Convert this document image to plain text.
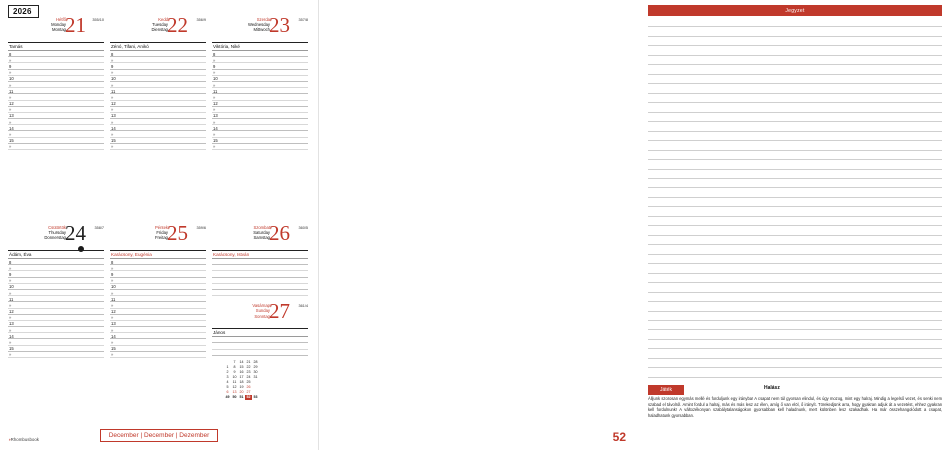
2026
355/10
Hétfő
Monday
Montag 21
Tamás
8
»
9
»
10
»
11
»
12
»
13
»
14
»
15
»
356/9
Kedd
Tuesday
Dienstag 22
Zénó, Tifani, Anikó
8
»
9
»
10
»
11
»
12
»
13
»
14
»
15
»
357/8
Szerda
Wednesday
Mittwoch 23
Viktória, Niké
8
»
9
»
10
»
11
»
12
»
13
»
14
»
15
»
358/7
Csütörtök
Thursday
Donnerstag 24
Ádám, Éva
8
»
9
»
10
»
11
»
12
»
13
»
14
»
15
»
359/6
Péntek
Friday
Freitag 25
Karácsony, Eugénia
8
»
9
»
10
»
11
»
12
»
13
»
14
»
15
»
360/5
Szombat
Saturday
Samstag 26
Karácsony, István
361/4
Vasárnap
Sunday
Sonntag 27
János
	7	14	21	28
1	8	15	22	29
2	9	16	23	30
3	10	17	24	31
4	11	18	25	
5	12	19	26	
6	13	20	27	
49	50	51	52	53
December | December | Dezember
◑Rhombusbook
Jegyzet
Játék	Halász
Álljunk szorosan egymás mellé és forduljunk egy irányba! A csapat nem túl gyorsan elindul, és úgy mozog, mint egy halraj. Mindig a legelső vezet, és senki nem szabad el távolról. Amint fordul a halraj, más és más lesz az élen, amíg ő van elöl, ő irányít. Törekedjünk arra, hogy gyakran adjuk át a vezetést, ehhez gyakran kell fordulnunk! A változékonyan szabálytalanságokon gyorsabban kell haladnunk, mert különben lesz szakadhak. Ha már összehangolódott a csapat, haladhatunk gyorsabban.
52
